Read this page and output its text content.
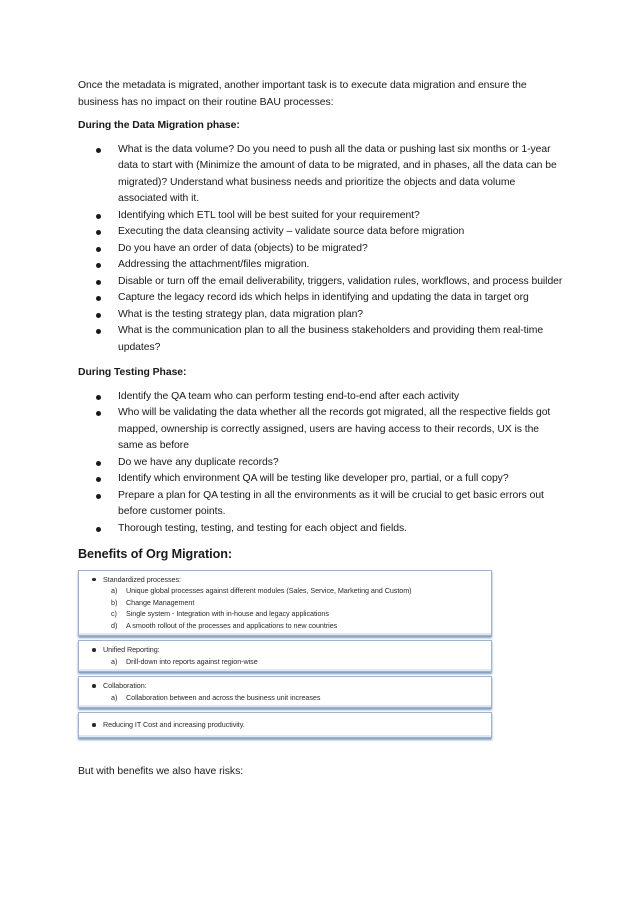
Once the metadata is migrated, another important task is to execute data migration and ensure the business has no impact on their routine BAU processes:

During the Data Migration phase:

What is the data volume? Do you need to push all the data or pushing last six months or 1-year data to start with (Minimize the amount of data to be migrated, and in phases, all the data can be migrated)? Understand what business needs and prioritize the objects and data volume associated with it.
Identifying which ETL tool will be best suited for your requirement?
Executing the data cleansing activity – validate source data before migration
Do you have an order of data (objects) to be migrated?
Addressing the attachment/files migration.
Disable or turn off the email deliverability, triggers, validation rules, workflows, and process builder
Capture the legacy record ids which helps in identifying and updating the data in target org
What is the testing strategy plan, data migration plan?
What is the communication plan to all the business stakeholders and providing them real-time updates?

During Testing Phase:

Identify the QA team who can perform testing end-to-end after each activity
Who will be validating the data whether all the records got migrated, all the respective fields got mapped, ownership is correctly assigned, users are having access to their records, UX is the same as before
Do we have any duplicate records?
Identify which environment QA will be testing like developer pro, partial, or a full copy?
Prepare a plan for QA testing in all the environments as it will be crucial to get basic errors out before customer points.
Thorough testing, testing, and testing for each object and fields.

Benefits of Org Migration:

Standardized processes:
a)	Unique global processes against different modules (Sales, Service, Marketing and Custom)
b)	Change Management
c)	Single system - Integration with in-house and legacy applications
d)	A smooth rollout of the processes and applications to new countries
Unified Reporting:
a)	Drill-down into reports against region-wise
Collaboration:
a)	Collaboration between and across the business unit increases
Reducing IT Cost and increasing productivity.

But with benefits we also have risks:
